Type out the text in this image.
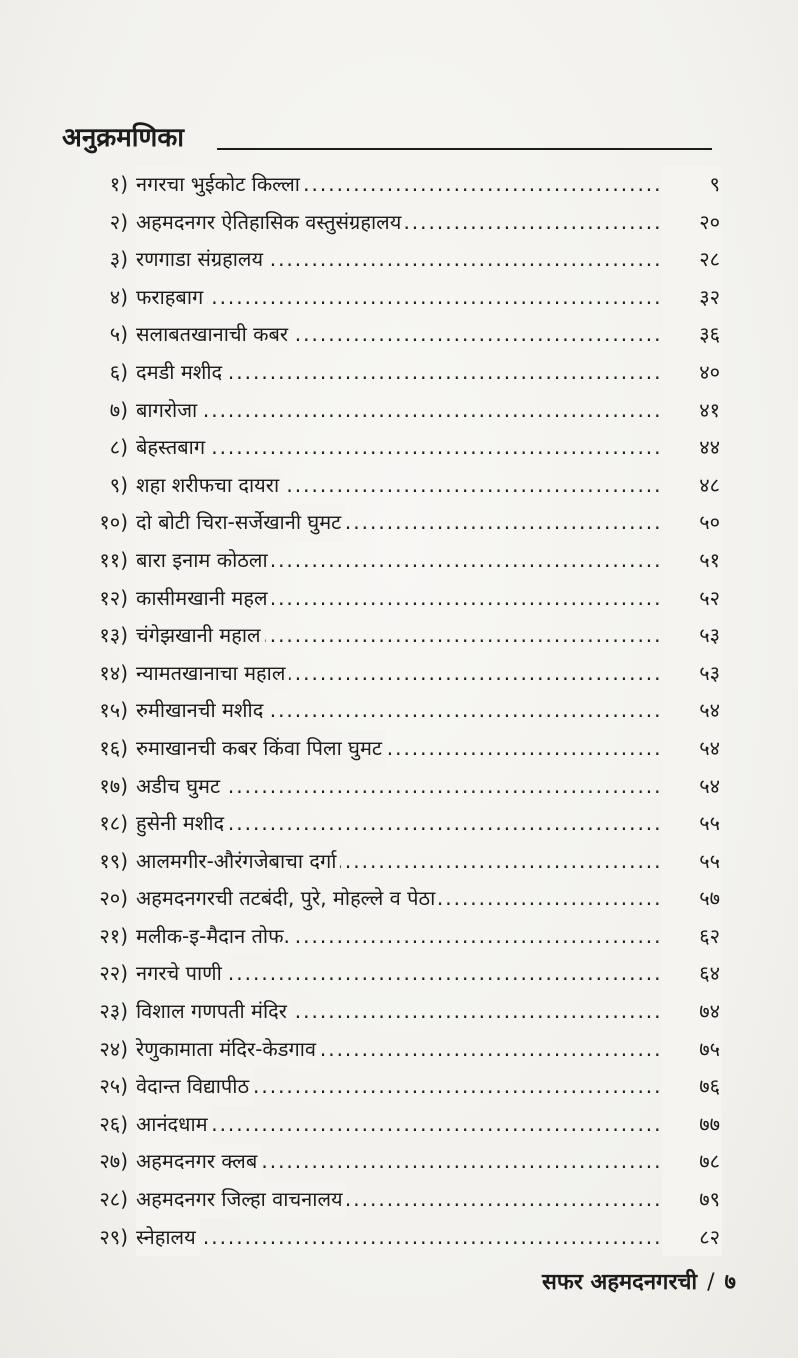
अनुक्रमणिका
१) ..... नगरचा भुईकोट किल्ला	९
२) ..... अहमदनगर ऐतिहासिक वस्तुसंग्रहालय	२०
३) ..... रणगाडा संग्रहालय	२८
४) ..... फराहबाग	३२
५) ..... सलाबतखानाची कबर	३६
६) ..... दमडी मशीद	४०
७) ..... बागरोजा	४१
८) ..... बेहस्तबाग	४४
९) ..... शहा शरीफचा दायरा	४८
१०) ..... दो बोटी चिरा-सर्जेखानी घुमट	५०
११) ..... बारा इनाम कोठला	५१
१२) ..... कासीमखानी महल	५२
१३) ..... चंगेझखानी महाल	५३
१४) ..... न्यामतखानाचा महाल	५३
१५) ..... रुमीखानची मशीद	५४
१६) ..... रुमाखानची कबर किंवा पिला घुमट	५४
१७) ..... अडीच घुमट	५४
१८) ..... हुसेनी मशीद	५५
१९) ..... आलमगीर-औरंगजेबाचा दर्गा	५५
२०) ..... अहमदनगरची तटबंदी, पुरे, मोहल्ले व पेठा	५७
२१) ..... मलीक-इ-मैदान तोफ.	६२
२२) ..... नगरचे पाणी	६४
२३) ..... विशाल गणपती मंदिर	७४
२४) ..... रेणुकामाता मंदिर-केडगाव	७५
२५) ..... वेदान्त विद्यापीठ	७६
२६) ..... आनंदधाम	७७
२७) ..... अहमदनगर क्लब	७८
२८) ..... अहमदनगर जिल्हा वाचनालय	७९
२९) ..... स्नेहालय	८२
सफर अहमदनगरची / ७
